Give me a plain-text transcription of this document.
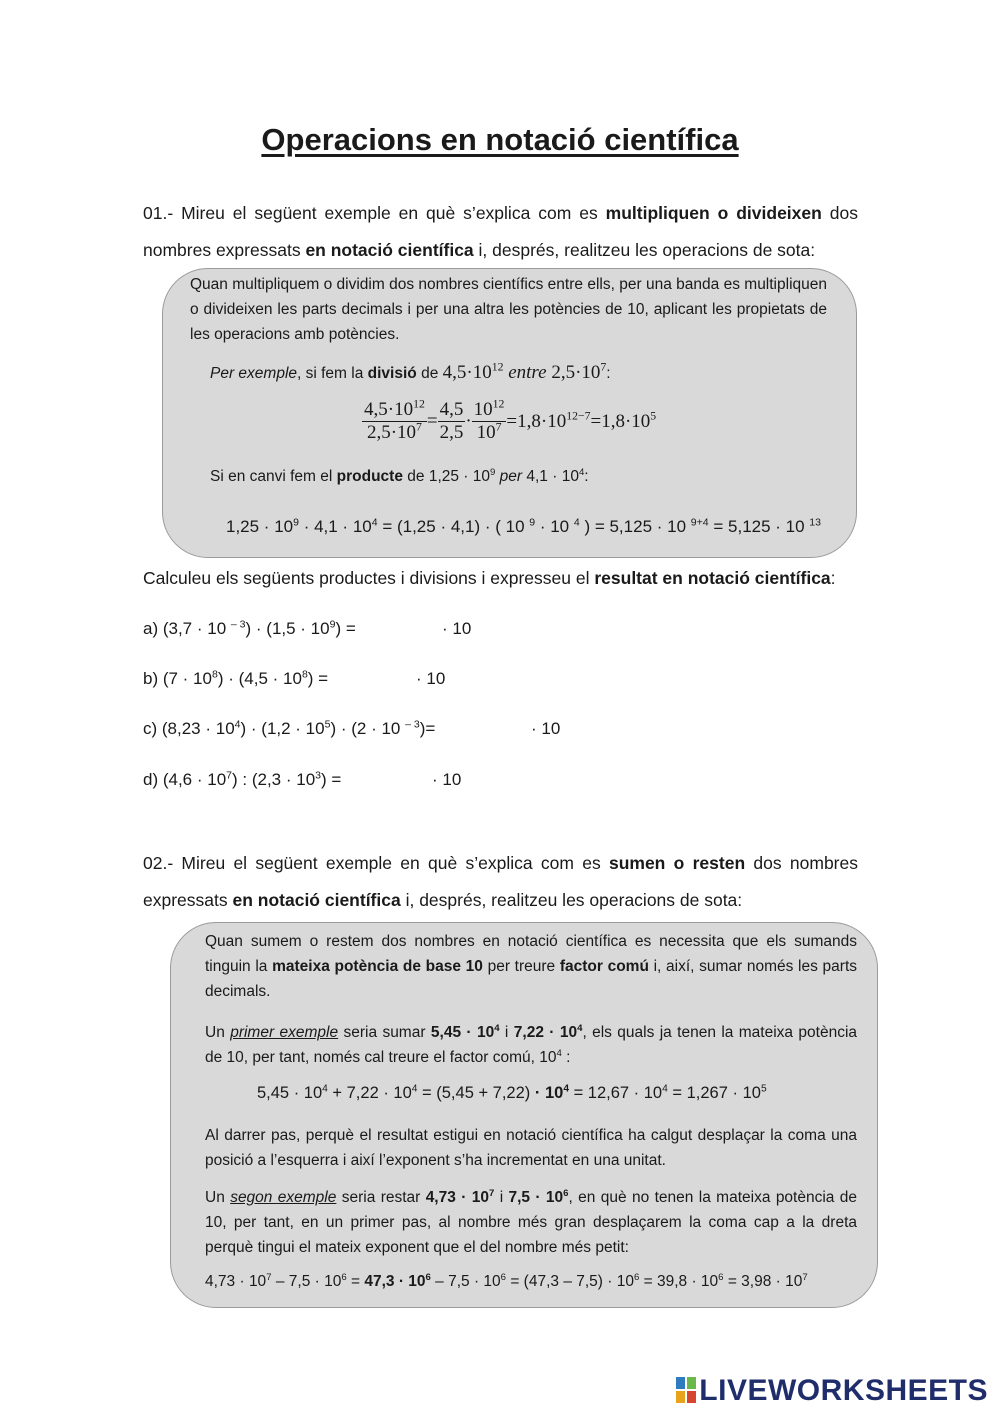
Operacions en notació científica
01.- Mireu el següent exemple en què s’explica com es multipliquen o divideixen dos nombres expressats en notació científica i, després, realitzeu les operacions de sota:
Quan multipliquem o dividim dos nombres científics entre ells, per una banda es multipliquen o divideixen les parts decimals i per una altra les potències de 10, aplicant les propietats de les operacions amb potències.
Per exemple, si fem la divisió de $4,5\cdot 10^{12}$ entre $2,5\cdot 10^7$:
$\frac{4,5\cdot 10^{12}}{2,5\cdot 10^7} = \frac{4,5}{2,5} \cdot \frac{10^{12}}{10^7} =1,8\cdot 10^{12-7}=1,8\cdot 10^5$
Si en canvi fem el producte de $1,25 \cdot 10^9$ per $4,1 \cdot 10^4$:
$1,25 \cdot 10^9 \cdot 4,1 \cdot 10^4 = (1,25 \cdot 4,1)$ · ( 10 $^9$ · 10 $^4$ ) = 5,125 · 10 $^{9+4}$ = 5,125 · 10 $^{13}$
Calculeu els següents productes i divisions i expresseu el resultat en notació científica:
a) (3,7 · 10 $^{- 3}) \cdot (1,5 \cdot 10^9)$ =	· 10
b) $(7 \cdot 10^8) \cdot (4,5 \cdot 10^8)$ =	· 10
c) $(8,23 \cdot 10^4) \cdot (1,2 \cdot 10^5) \cdot (2 \cdot 10$ $^{- 3}$)=	· 10
d) $(4,6 \cdot 10^7)$ : $(2,3 \cdot 10^3)$ =	· 10
02.- Mireu el següent exemple en què s’explica com es sumen o resten dos nombres expressats en notació científica i, després, realitzeu les operacions de sota:
Quan sumem o restem dos nombres en notació científica es necessita que els sumands tinguin la mateixa potència de base 10 per treure factor comú i, així, sumar només les parts decimals.
Un primer exemple seria sumar $5,45 \cdot 10^4$ i $7,22 \cdot 10^4$, els quals ja tenen la mateixa potència de 10, per tant, només cal treure el factor comú, $10^4$ :
$5,45 \cdot 10^4 + 7,22 \cdot 10^4 = (5,45 + 7,22) \cdot 10^4 = 12,67 \cdot 10^4 = 1,267 \cdot 10^5$
Al darrer pas, perquè el resultat estigui en notació científica ha calgut desplaçar la coma una posició a l’esquerra i així l’exponent s’ha incrementat en una unitat.
Un segon exemple seria restar $4,73 \cdot 10^7$ i $7,5 \cdot 10^6$, en què no tenen la mateixa potència de 10, per tant, en un primer pas, al nombre més gran desplaçarem la coma cap a la dreta perquè tingui el mateix exponent que el del nombre més petit:
$4,73 \cdot 10^7 - 7,5 \cdot 10^6 = 47,3 \cdot 10^6 - 7,5 \cdot 10^6 = (47,3 - 7,5) \cdot 10^6 = 39,8 \cdot 10^6 = 3,98 \cdot 10^7$
LIVEWORKSHEETS
